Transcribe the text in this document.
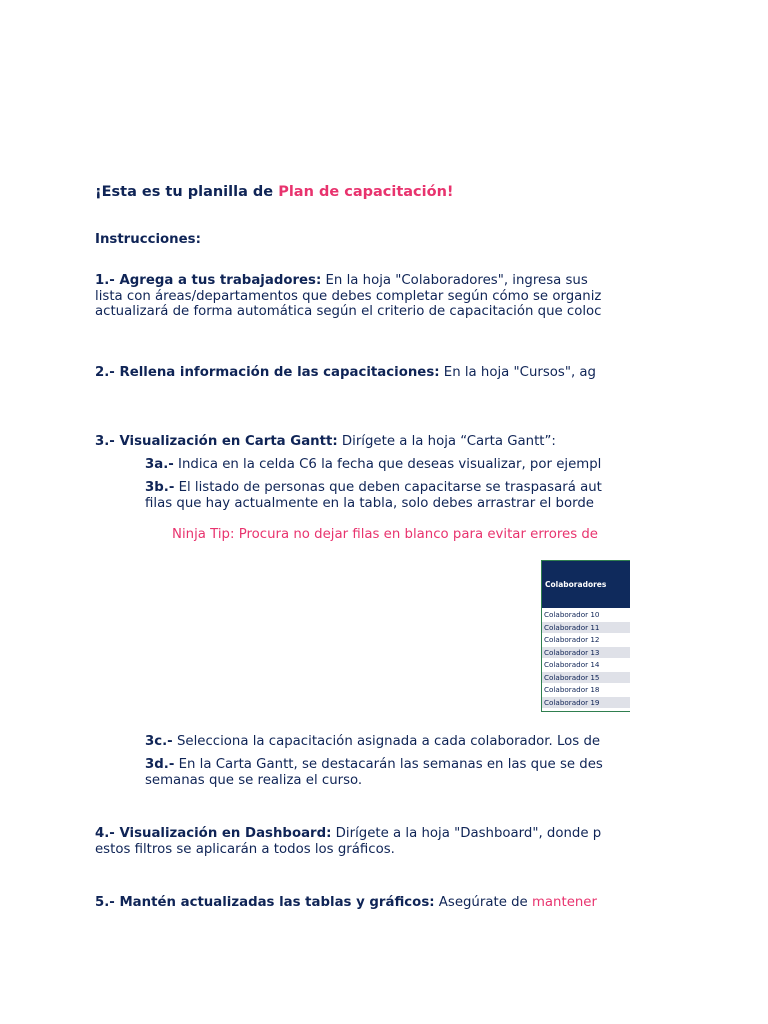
¡Esta es tu planilla de Plan de capacitación!
Instrucciones:
1.- Agrega a tus trabajadores: En la hoja "Colaboradores", ingresa sus
lista con áreas/departamentos que debes completar según cómo se organiz
actualizará de forma automática según el criterio de capacitación que coloc
2.- Rellena información de las capacitaciones: En la hoja "Cursos", ag
3.- Visualización en Carta Gantt: Dirígete a la hoja “Carta Gantt”:
3a.- Indica en la celda C6 la fecha que deseas visualizar, por ejempl
3b.- El listado de personas que deben capacitarse se traspasará aut
filas que hay actualmente en la tabla, solo debes arrastrar el borde
Ninja Tip: Procura no dejar filas en blanco para evitar errores de
Colaboradores
Colaborador 10
Colaborador 11
Colaborador 12
Colaborador 13
Colaborador 14
Colaborador 15
Colaborador 18
Colaborador 19
3c.- Selecciona la capacitación asignada a cada colaborador. Los de
3d.- En la Carta Gantt, se destacarán las semanas en las que se des
semanas que se realiza el curso.
4.- Visualización en Dashboard: Dirígete a la hoja "Dashboard", donde p
estos filtros se aplicarán a todos los gráficos.
5.- Mantén actualizadas las tablas y gráficos: Asegúrate de mantener
